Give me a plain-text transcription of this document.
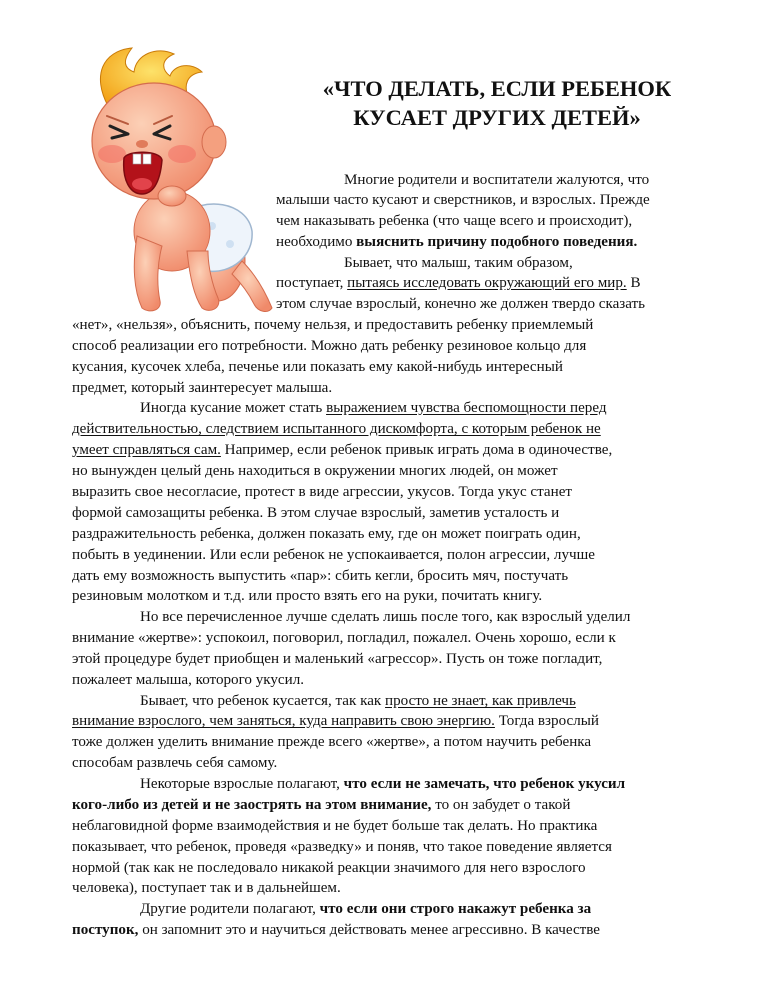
«ЧТО ДЕЛАТЬ, ЕСЛИ РЕБЕНОК
КУСАЕТ ДРУГИХ ДЕТЕЙ»
Многие родители и воспитатели жалуются, что
малыши часто кусают и сверстников, и взрослых. Прежде
чем наказывать ребенка (что чаще всего и происходит),
необходимо выяснить причину подобного поведения.
Бывает, что малыш, таким образом,
поступает, пытаясь исследовать окружающий его мир. В
этом случае взрослый, конечно же должен твердо сказать
«нет», «нельзя», объяснить, почему нельзя, и предоставить ребенку приемлемый
способ реализации его потребности. Можно дать ребенку резиновое кольцо для
кусания, кусочек хлеба, печенье или показать ему какой-нибудь интересный
предмет, который заинтересует малыша.
Иногда кусание может стать выражением чувства беспомощности перед
действительностью, следствием испытанного дискомфорта, с которым ребенок не
умеет справляться сам. Например, если ребенок привык играть дома в одиночестве,
но вынужден целый день находиться в окружении многих людей, он может
выразить свое несогласие, протест в виде агрессии, укусов. Тогда укус станет
формой самозащиты ребенка. В этом случае взрослый, заметив усталость и
раздражительность ребенка, должен показать ему, где он может поиграть один,
побыть в уединении. Или если ребенок не успокаивается, полон агрессии, лучше
дать ему возможность выпустить «пар»: сбить кегли, бросить мяч, постучать
резиновым молотком и т.д. или просто взять его на руки, почитать книгу.
Но все перечисленное лучше сделать лишь после того, как взрослый уделил
внимание «жертве»: успокоил, поговорил, погладил, пожалел. Очень хорошо, если к
этой процедуре будет приобщен и маленький «агрессор». Пусть он тоже погладит,
пожалеет малыша, которого укусил.
Бывает, что ребенок кусается, так как просто не знает, как привлечь
внимание взрослого, чем заняться, куда направить свою энергию. Тогда взрослый
тоже должен уделить внимание прежде всего «жертве», а потом научить ребенка
способам развлечь себя самому.
Некоторые взрослые полагают, что если не замечать, что ребенок укусил
кого-либо из детей и не заострять на этом внимание, то он забудет о такой
неблаговидной форме взаимодействия и не будет больше так делать. Но практика
показывает, что ребенок, проведя «разведку» и поняв, что такое поведение является
нормой (так как не последовало никакой реакции значимого для него взрослого
человека), поступает так и в дальнейшем.
Другие родители полагают, что если они строго накажут ребенка за
поступок, он запомнит это и научиться действовать менее агрессивно. В качестве
